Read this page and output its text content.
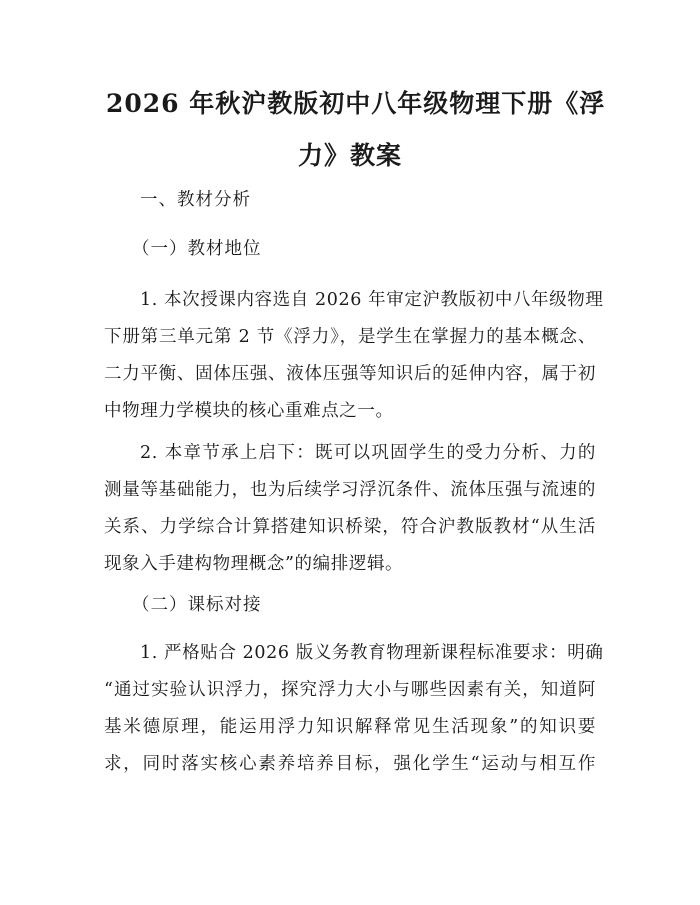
2026 年秋沪教版初中八年级物理下册《浮
力》教案
一、教材分析
（一）教材地位
1. 本次授课内容选自 2026 年审定沪教版初中八年级物理
下册第三单元第 2 节《浮力》，是学生在掌握力的基本概念、
二力平衡、固体压强、液体压强等知识后的延伸内容，属于初
中物理力学模块的核心重难点之一。
2. 本章节承上启下：既可以巩固学生的受力分析、力的
测量等基础能力，也为后续学习浮沉条件、流体压强与流速的
关系、力学综合计算搭建知识桥梁，符合沪教版教材“从生活
现象入手建构物理概念”的编排逻辑。
（二）课标对接
1. 严格贴合 2026 版义务教育物理新课程标准要求：明确
“通过实验认识浮力，探究浮力大小与哪些因素有关，知道阿
基米德原理，能运用浮力知识解释常见生活现象”的知识要
求，同时落实核心素养培养目标，强化学生“运动与相互作
